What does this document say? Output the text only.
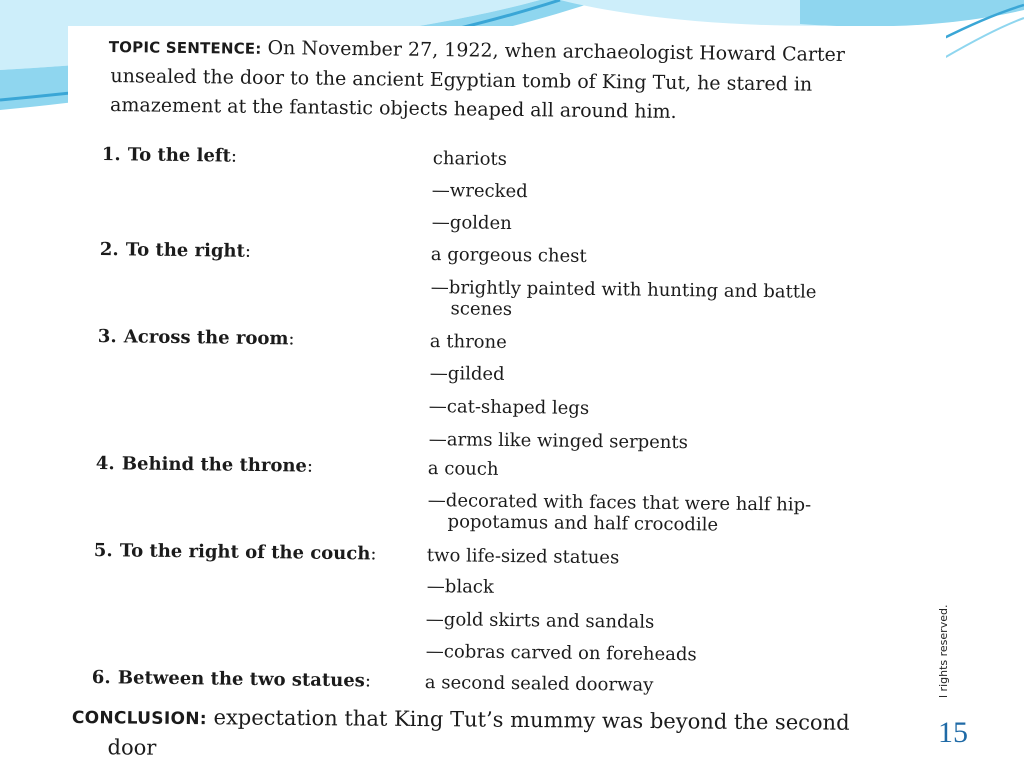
TOPIC SENTENCE: On November 27, 1922, when archaeologist Howard Carter
unsealed the door to the ancient Egyptian tomb of King Tut, he stared in
amazement at the fantastic objects heaped all around him.
1. To the left:
2. To the right:
3. Across the room:
4. Behind the throne:
5. To the right of the couch:
6. Between the two statues:
chariots
—wrecked
—golden
a gorgeous chest
—brightly painted with hunting and battle
scenes
a throne
—gilded
—cat-shaped legs
—arms like winged serpents
a couch
—decorated with faces that were half hip-
popotamus and half crocodile
two life-sized statues
—black
—gold skirts and sandals
—cobras carved on foreheads
a second sealed doorway
CONCLUSION: expectation that King Tut’s mummy was beyond the second
door
l rights reserved.
15
